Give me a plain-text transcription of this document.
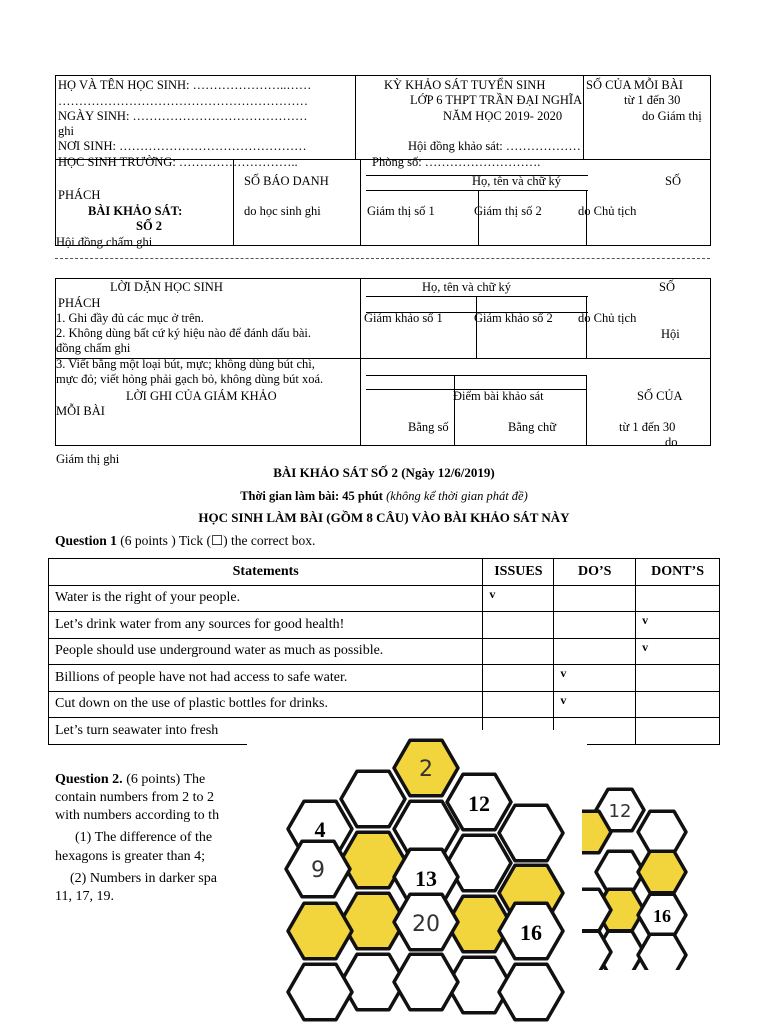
HỌ VÀ TÊN HỌC SINH: …………………..……
……………………………………………………
NGÀY SINH: ……………………………………
ghi
NƠI SINH: ………………………………………
HỌC SINH TRƯỜNG: ………………………..
KỲ KHẢO SÁT TUYỂN SINH
LỚP 6 THPT TRẦN ĐẠI NGHĨA
NĂM HỌC 2019- 2020
Hội đồng khảo sát: ………………
Phòng số: ……………………….
SỐ CỦA MỖI BÀI
từ 1 đến 30
do Giám thị
SỐ BÁO DANH	Họ, tên và chữ ký	SỐ
PHÁCH
BÀI KHẢO SÁT:
SỐ 2
do học sinh ghi	Giám thị số 1	Giám thị số 2	do Chủ tịch
Hội đồng chấm ghi
LỜI DẶN HỌC SINH
PHÁCH
1. Ghi đầy đủ các mục ở trên.
2. Không dùng bất cứ ký hiệu nào để đánh dấu bài.
đồng chấm ghi
3. Viết bằng một loại bút, mực; không dùng bút chì,
mực đỏ; viết hỏng phải gạch bỏ, không dùng bút xoá.
LỜI GHI CỦA GIÁM KHẢO
MỖI BÀI
Họ, tên và chữ ký	SỐ
Giám khảo số 1 Giám khảo số 2 do Chủ tịch
Hội
Điểm bài khảo sát	SỐ CỦA
Bằng số	Bằng chữ	từ 1 đến 30
do
Giám thị ghi
BÀI KHẢO SÁT SỐ 2 (Ngày 12/6/2019)
Thời gian làm bài: 45 phút (không kể thời gian phát đề)
HỌC SINH LÀM BÀI (GỒM 8 CÂU) VÀO BÀI KHẢO SÁT NÀY
Question 1 (6 points ) Tick (☐) the correct box.
Statements	ISSUES	DO’S	DONT’S
Water is the right of your people.	v		
Let’s drink water from any sources for good health!			v
People should use underground water as much as possible.			v
Billions of people have not had access to safe water.		v	
Cut down on the use of plastic bottles for drinks.		v	
Let’s turn seawater into fresh			
Question 2. (6 points) The
contain numbers from 2 to 2
with numbers according to th
(1) The difference of the
hexagons is greater than 4;
(2) Numbers in darker spa
11, 17, 19.
2
12
4
9	13
20	16
12
16
